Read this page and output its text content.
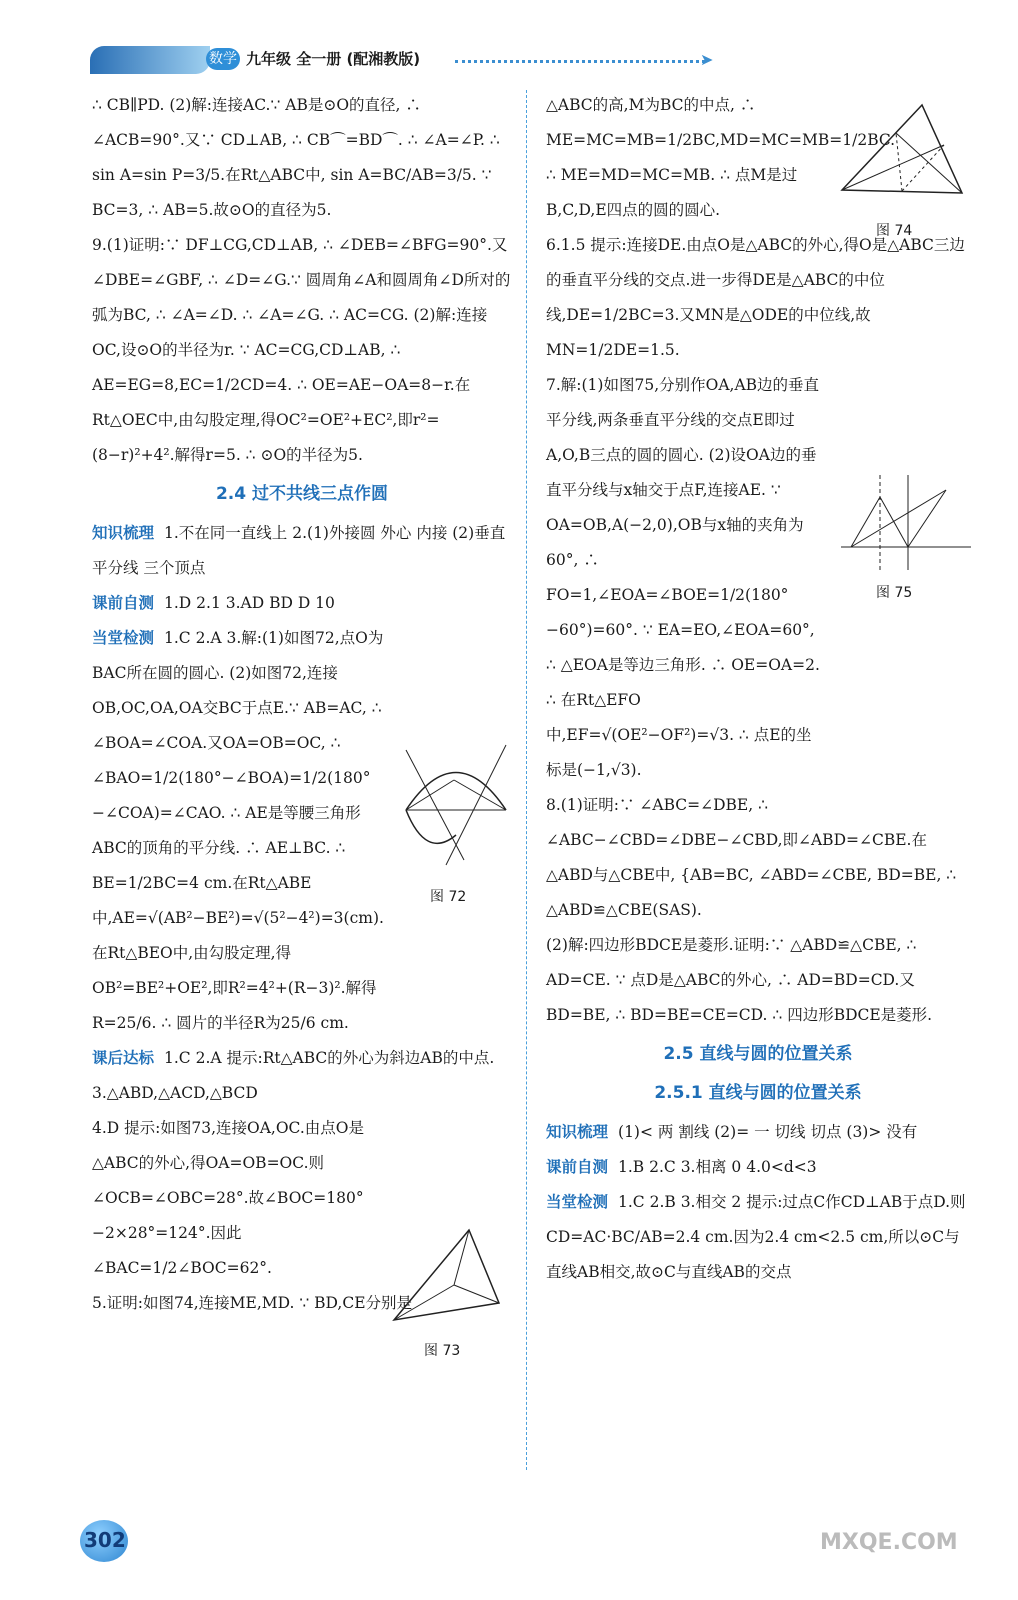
数学 九年级 全一册 (配湘教版)	➤

∴ CB∥PD. (2)解:连接AC.∵ AB是⊙O的直径, ∴ ∠ACB=90°.又∵ CD⊥AB, ∴ CB⌒=BD⌒. ∴ ∠A=∠P. ∴ sin A=sin P=3/5.在Rt△ABC中, sin A=BC/AB=3/5. ∵ BC=3, ∴ AB=5.故⊙O的直径为5.

9.(1)证明:∵ DF⊥CG,CD⊥AB, ∴ ∠DEB=∠BFG=90°.又∠DBE=∠GBF, ∴ ∠D=∠G.∵ 圆周角∠A和圆周角∠D所对的弧为BC, ∴ ∠A=∠D. ∴ ∠A=∠G. ∴ AC=CG. (2)解:连接OC,设⊙O的半径为r. ∵ AC=CG,CD⊥AB, ∴ AE=EG=8,EC=1/2CD=4. ∴ OE=AE−OA=8−r.在Rt△OEC中,由勾股定理,得OC²=OE²+EC²,即r²=(8−r)²+4².解得r=5. ∴ ⊙O的半径为5.

2.4 过不共线三点作圆

知识梳理 1.不在同一直线上 2.(1)外接圆 外心 内接 (2)垂直平分线 三个顶点

课前自测 1.D 2.1 3.AD BD D 10

当堂检测 1.C 2.A 3.解:(1)如图72,点O为BAC所在圆的圆心. (2)如图72,连接OB,OC,OA,OA交BC于点E.∵ AB=AC, ∴ ∠BOA=∠COA.又OA=OB=OC, ∴ ∠BAO=1/2(180°−∠BOA)=1/2(180°−∠COA)=∠CAO. ∴ AE是等腰三角形ABC的顶角的平分线. ∴ AE⊥BC. ∴ BE=1/2BC=4 cm.在Rt△ABE中,AE=√(AB²−BE²)=√(5²−4²)=3(cm).在Rt△BEO中,由勾股定理,得OB²=BE²+OE²,即R²=4²+(R−3)².解得R=25/6. ∴ 圆片的半径R为25/6 cm.

课后达标 1.C 2.A 提示:Rt△ABC的外心为斜边AB的中点. 3.△ABD,△ACD,△BCD

4.D 提示:如图73,连接OA,OC.由点O是△ABC的外心,得OA=OB=OC.则∠OCB=∠OBC=28°.故∠BOC=180°−2×28°=124°.因此∠BAC=1/2∠BOC=62°.

5.证明:如图74,连接ME,MD. ∵ BD,CE分别是

图 72
图 73

△ABC的高,M为BC的中点, ∴ ME=MC=MB=1/2BC,MD=MC=MB=1/2BC. ∴ ME=MD=MC=MB. ∴ 点M是过B,C,D,E四点的圆的圆心.

6.1.5 提示:连接DE.由点O是△ABC的外心,得O是△ABC三边的垂直平分线的交点.进一步得DE是△ABC的中位线,DE=1/2BC=3.又MN是△ODE的中位线,故MN=1/2DE=1.5.

7.解:(1)如图75,分别作OA,AB边的垂直平分线,两条垂直平分线的交点E即过A,O,B三点的圆的圆心. (2)设OA边的垂直平分线与x轴交于点F,连接AE. ∵ OA=OB,A(−2,0),OB与x轴的夹角为60°, ∴ FO=1,∠EOA=∠BOE=1/2(180°−60°)=60°. ∵ EA=EO,∠EOA=60°, ∴ △EOA是等边三角形. ∴ OE=OA=2. ∴ 在Rt△EFO中,EF=√(OE²−OF²)=√3. ∴ 点E的坐标是(−1,√3).

8.(1)证明:∵ ∠ABC=∠DBE, ∴ ∠ABC−∠CBD=∠DBE−∠CBD,即∠ABD=∠CBE.在△ABD与△CBE中, {AB=BC, ∠ABD=∠CBE, BD=BE, ∴ △ABD≌△CBE(SAS).

(2)解:四边形BDCE是菱形.证明:∵ △ABD≌△CBE, ∴ AD=CE. ∵ 点D是△ABC的外心, ∴ AD=BD=CD.又BD=BE, ∴ BD=BE=CE=CD. ∴ 四边形BDCE是菱形.

2.5 直线与圆的位置关系
2.5.1 直线与圆的位置关系

知识梳理 (1)< 两 割线 (2)= 一 切线 切点 (3)> 没有

课前自测 1.B 2.C 3.相离 0 4.0<d<3

当堂检测 1.C 2.B 3.相交 2 提示:过点C作CD⊥AB于点D.则CD=AC·BC/AB=2.4 cm.因为2.4 cm<2.5 cm,所以⊙C与直线AB相交,故⊙C与直线AB的交点

图 74
图 75
302	MXQE.COM
